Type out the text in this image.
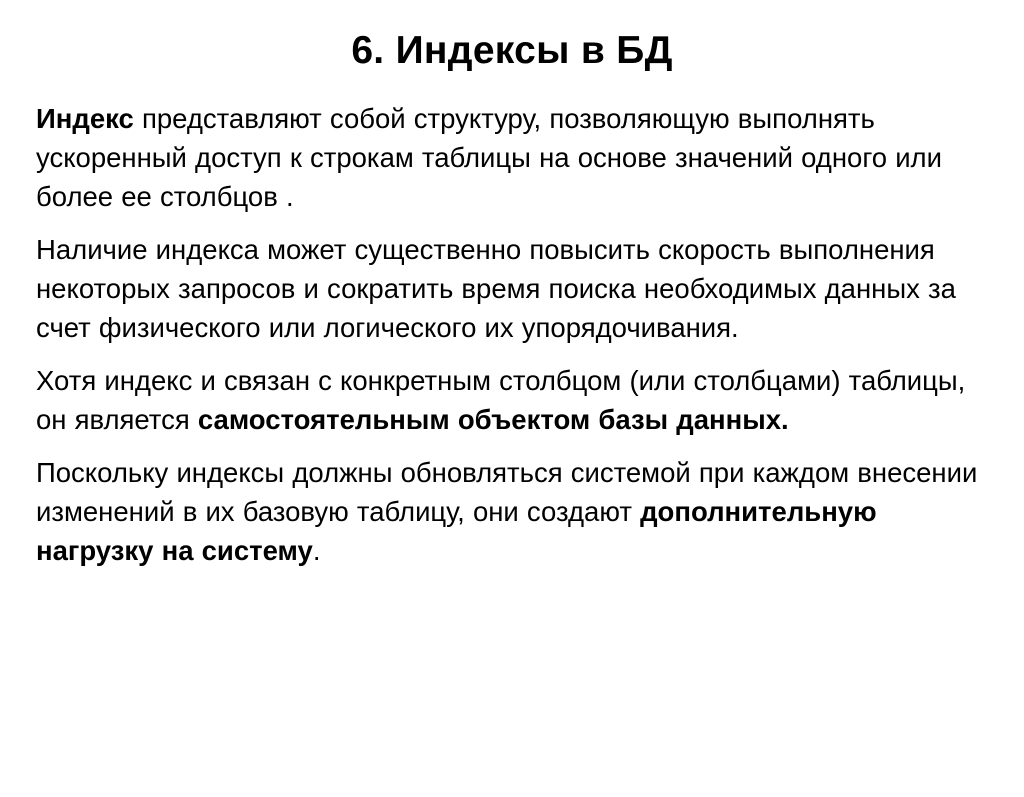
6. Индексы в БД

Индекс представляют собой структуру, позволяющую выполнять ускоренный доступ к строкам таблицы на основе значений одного или более ее столбцов .

Наличие индекса может существенно повысить скорость выполнения некоторых запросов и сократить время поиска необходимых данных за счет физического или логического их упорядочивания.

Хотя индекс и связан с конкретным столбцом (или столбцами) таблицы, он является самостоятельным объектом базы данных.

Поскольку индексы должны обновляться системой при каждом внесении изменений в их базовую таблицу, они создают дополнительную нагрузку на систему.
